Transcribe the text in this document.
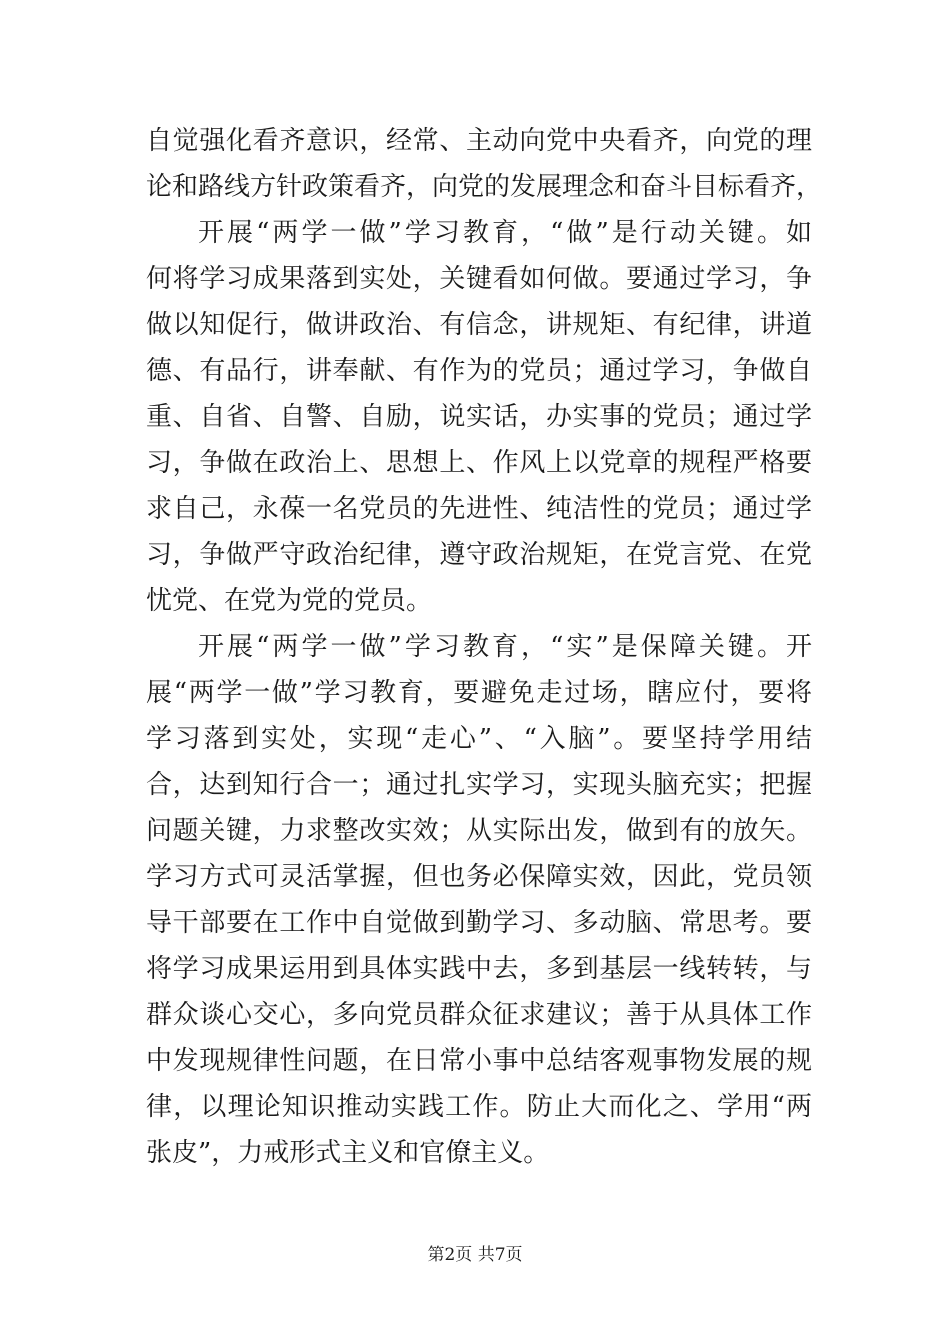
自觉强化看齐意识，经常、主动向党中央看齐，向党的理
论和路线方针政策看齐，向党的发展理念和奋斗目标看齐，
开展“两学一做”学习教育，“做”是行动关键。如
何将学习成果落到实处，关键看如何做。要通过学习，争
做以知促行，做讲政治、有信念，讲规矩、有纪律，讲道
德、有品行，讲奉献、有作为的党员；通过学习，争做自
重、自省、自警、自励，说实话，办实事的党员；通过学
习，争做在政治上、思想上、作风上以党章的规程严格要
求自己，永葆一名党员的先进性、纯洁性的党员；通过学
习，争做严守政治纪律，遵守政治规矩，在党言党、在党
忧党、在党为党的党员。
开展“两学一做”学习教育，“实”是保障关键。开
展“两学一做”学习教育，要避免走过场，瞎应付，要将
学习落到实处，实现“走心”、“入脑”。要坚持学用结
合，达到知行合一；通过扎实学习，实现头脑充实；把握
问题关键，力求整改实效；从实际出发，做到有的放矢。
学习方式可灵活掌握，但也务必保障实效，因此，党员领
导干部要在工作中自觉做到勤学习、多动脑、常思考。要
将学习成果运用到具体实践中去，多到基层一线转转，与
群众谈心交心，多向党员群众征求建议；善于从具体工作
中发现规律性问题，在日常小事中总结客观事物发展的规
律，以理论知识推动实践工作。防止大而化之、学用“两
张皮”，力戒形式主义和官僚主义。
第2页 共7页
